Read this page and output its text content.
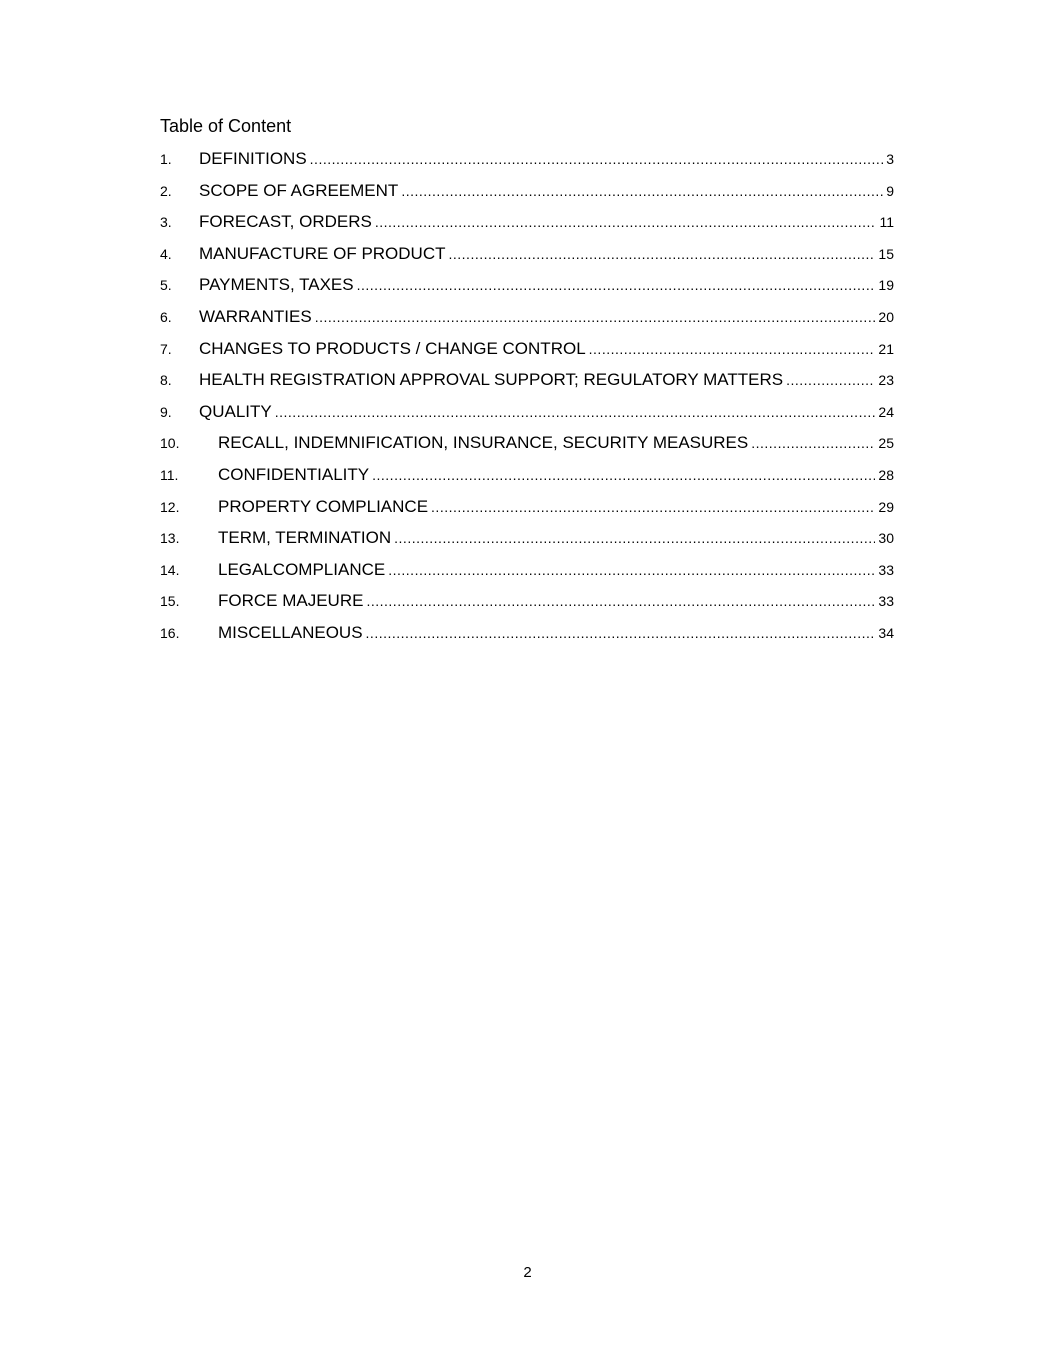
Table of Content
1.	DEFINITIONS .....	3
2.	SCOPE OF AGREEMENT .....	9
3.	FORECAST, ORDERS .....	11
4.	MANUFACTURE OF PRODUCT .....	15
5.	PAYMENTS, TAXES .....	19
6.	WARRANTIES .....	20
7.	CHANGES TO PRODUCTS / CHANGE CONTROL .....	21
8.	HEALTH REGISTRATION APPROVAL SUPPORT; REGULATORY MATTERS .....	23
9.	QUALITY .....	24
10.	RECALL, INDEMNIFICATION, INSURANCE, SECURITY MEASURES .....	25
11.	CONFIDENTIALITY .....	28
12.	PROPERTY COMPLIANCE .....	29
13.	TERM, TERMINATION .....	30
14.	LEGALCOMPLIANCE .....	33
15.	FORCE MAJEURE .....	33
16.	MISCELLANEOUS .....	34
2
